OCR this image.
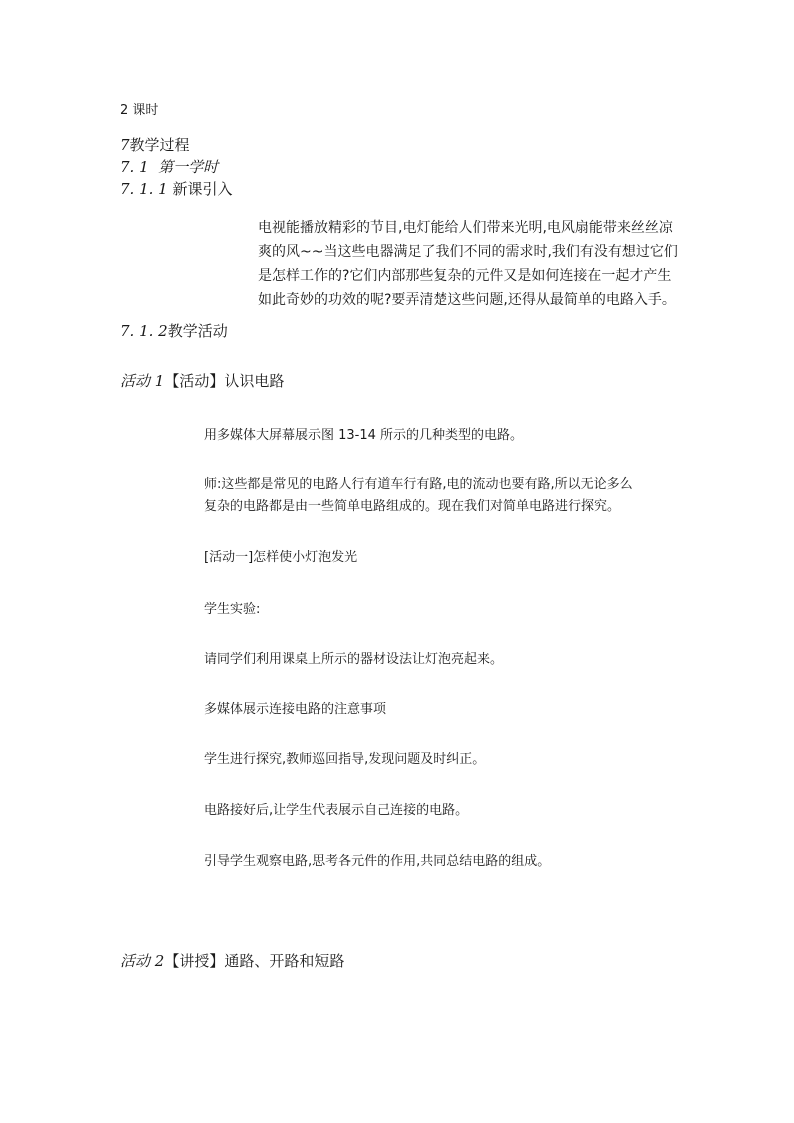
2 课时

7教学过程

7. 1 第一学时

7. 1. 1 新课引入

电视能播放精彩的节目,电灯能给人们带来光明,电风扇能带来丝丝凉
爽的风~~当这些电器满足了我们不同的需求时,我们有没有想过它们
是怎样工作的?它们内部那些复杂的元件又是如何连接在一起才产生
如此奇妙的功效的呢?要弄清楚这些问题,还得从最简单的电路入手。

7. 1. 2教学活动

活动 1【活动】认识电路

用多媒体大屏幕展示图 13-14 所示的几种类型的电路。

师:这些都是常见的电路人行有道车行有路,电的流动也要有路,所以无论多么

复杂的电路都是由一些简单电路组成的。现在我们对简单电路进行探究。

[活动一]怎样使小灯泡发光

学生实验:

请同学们利用课桌上所示的器材设法让灯泡亮起来。

多媒体展示连接电路的注意事项

学生进行探究,教师巡回指导,发现问题及时纠正。

电路接好后,让学生代表展示自己连接的电路。

引导学生观察电路,思考各元件的作用,共同总结电路的组成。

活动 2【讲授】通路、开路和短路
